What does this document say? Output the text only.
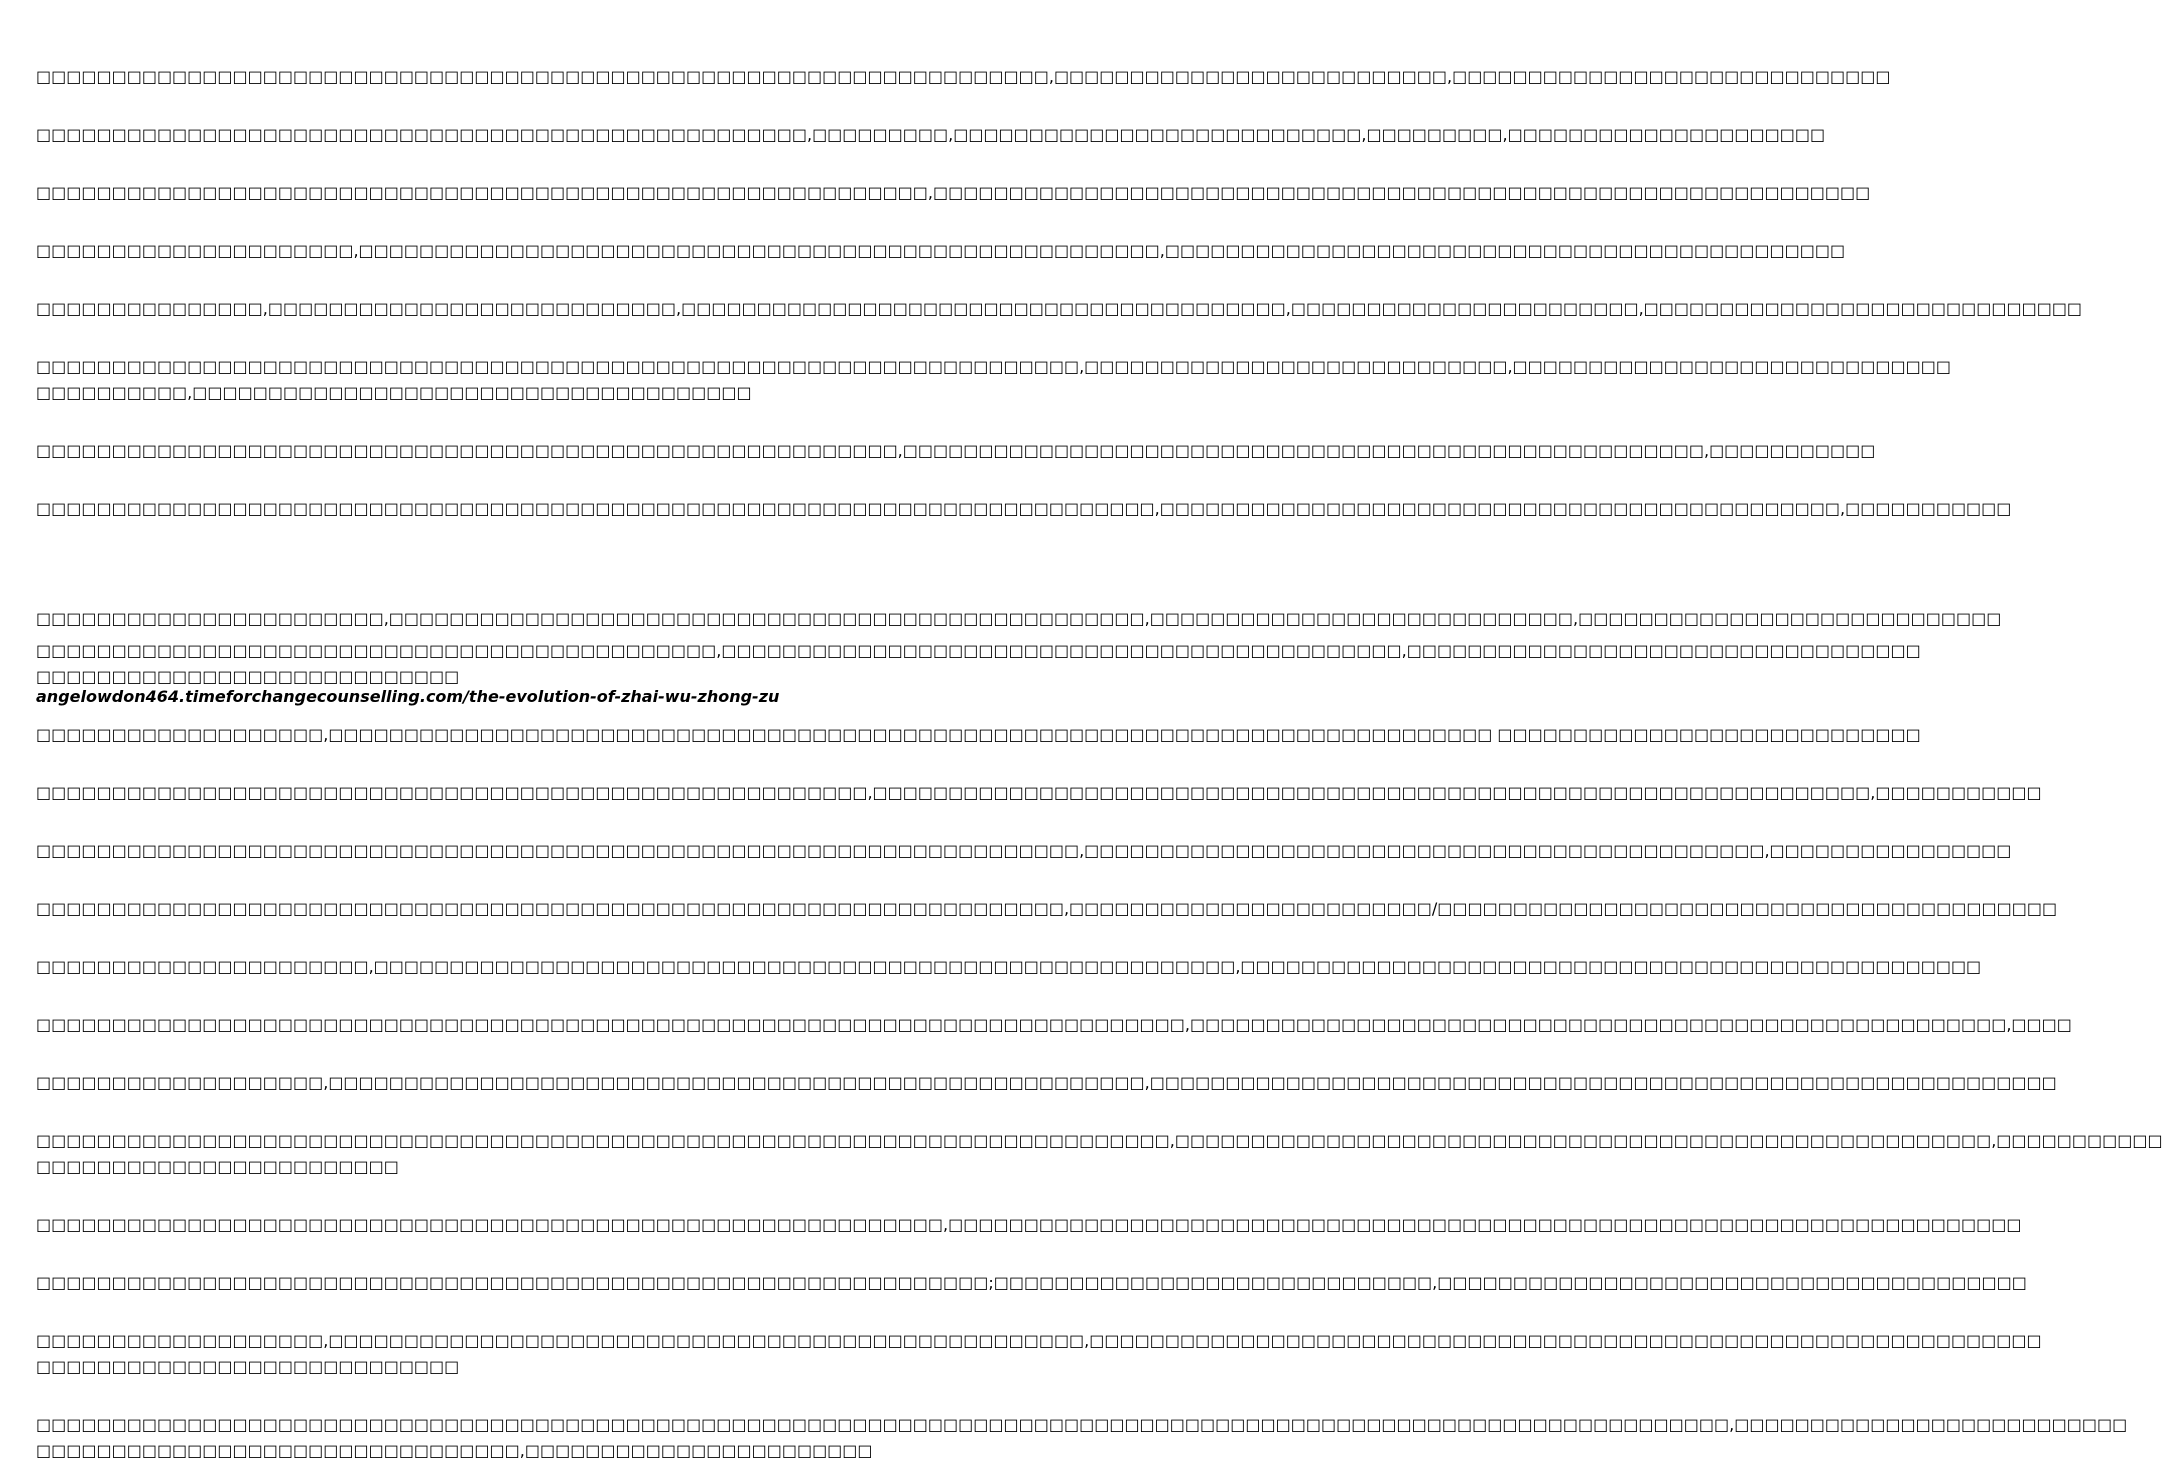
□□□□□□□□□□□□□□□□□□□□□□□□□□□□□□□□□□□□□□□□□□□□□□□□□□□□□□□□□□□□□□□□□□□,□□□□□□□□□□□□□□□□□□□□□□□□□□,□□□□□□□□□□□□□□□□□□□□□□□□□□□□□

□□□□□□□□□□□□□□□□□□□□□□□□□□□□□□□□□□□□□□□□□□□□□□□□□□□,□□□□□□□□□,□□□□□□□□□□□□□□□□□□□□□□□□□□□,□□□□□□□□□,□□□□□□□□□□□□□□□□□□□□□

□□□□□□□□□□□□□□□□□□□□□□□□□□□□□□□□□□□□□□□□□□□□□□□□□□□□□□□□□□□,□□□□□□□□□□□□□□□□□□□□□□□□□□□□□□□□□□□□□□□□□□□□□□□□□□□□□□□□□□□□□□

□□□□□□□□□□□□□□□□□□□□□,□□□□□□□□□□□□□□□□□□□□□□□□□□□□□□□□□□□□□□□□□□□□□□□□□□□□□,□□□□□□□□□□□□□□□□□□□□□□□□□□□□□□□□□□□□□□□□□□□□□

□□□□□□□□□□□□□□□,□□□□□□□□□□□□□□□□□□□□□□□□□□□,□□□□□□□□□□□□□□□□□□□□□□□□□□□□□□□□□□□□□□□□,□□□□□□□□□□□□□□□□□□□□□□□,□□□□□□□□□□□□□□□□□□□□□□□□□□□□□

□□□□□□□□□□□□□□□□□□□□□□□□□□□□□□□□□□□□□□□□□□□□□□□□□□□□□□□□□□□□□□□□□□□□□,□□□□□□□□□□□□□□□□□□□□□□□□□□□□,□□□□□□□□□□□□□□□□□□□□□□□□□□□□□
□□□□□□□□□□,□□□□□□□□□□□□□□□□□□□□□□□□□□□□□□□□□□□□□

□□□□□□□□□□□□□□□□□□□□□□□□□□□□□□□□□□□□□□□□□□□□□□□□□□□□□□□□□,□□□□□□□□□□□□□□□□□□□□□□□□□□□□□□□□□□□□□□□□□□□□□□□□□□□□□,□□□□□□□□□□□

□□□□□□□□□□□□□□□□□□□□□□□□□□□□□□□□□□□□□□□□□□□□□□□□□□□□□□□□□□□□□□□□□□□□□□□□□□,□□□□□□□□□□□□□□□□□□□□□□□□□□□□□□□□□□□□□□□□□□□□□,□□□□□□□□□□□

□□□□□□□□□□□□□□□□□□□□□□□,□□□□□□□□□□□□□□□□□□□□□□□□□□□□□□□□□□□□□□□□□□□□□□□□□□,□□□□□□□□□□□□□□□□□□□□□□□□□□□□,□□□□□□□□□□□□□□□□□□□□□□□□□□□□

angelowdon464.timeforchangecounselling.com/the-evolution-of-zhai-wu-zhong-zu

□□□□□□□□□□□□□□□□□□□□□□□□□□□□□□□□□□□□□□□□□□□□□,□□□□□□□□□□□□□□□□□□□□□□□□□□□□□□□□□□□□□□□□□□□□□,□□□□□□□□□□□□□□□□□□□□□□□□□□□□□□□□□□
□□□□□□□□□□□□□□□□□□□□□□□□□□□□

□□□□□□□□□□□□□□□□□□□,□□□□□□□□□□□□□□□□□□□□□□□□□□□□□□□□□□□□□□□□□□□□□□□□□□□□□□□□□□□□□□□□□□□□□□□□□□□□□ □□□□□□□□□□□□□□□□□□□□□□□□□□□□

□□□□□□□□□□□□□□□□□□□□□□□□□□□□□□□□□□□□□□□□□□□□□□□□□□□□□□□,□□□□□□□□□□□□□□□□□□□□□□□□□□□□□□□□□□□□□□□□□□□□□□□□□□□□□□□□□□□□□□□□□□,□□□□□□□□□□□

□□□□□□□□□□□□□□□□□□□□□□□□□□□□□□□□□□□□□□□□□□□□□□□□□□□□□□□□□□□□□□□□□□□□□,□□□□□□□□□□□□□□□□□□□□□□□□□□□□□□□□□□□□□□□□□□□□□,□□□□□□□□□□□□□□□□

□□□□□□□□□□□□□□□□□□□□□□□□□□□□□□□□□□□□□□□□□□□□□□□□□□□□□□□□□□□□□□□□□□□□,□□□□□□□□□□□□□□□□□□□□□□□□/□□□□□□□□□□□□□□□□□□□□□□□□□□□□□□□□□□□□□□□□□

□□□□□□□□□□□□□□□□□□□□□□,□□□□□□□□□□□□□□□□□□□□□□□□□□□□□□□□□□□□□□□□□□□□□□□□□□□□□□□□□,□□□□□□□□□□□□□□□□□□□□□□□□□□□□□□□□□□□□□□□□□□□□□□□□□

□□□□□□□□□□□□□□□□□□□□□□□□□□□□□□□□□□□□□□□□□□□□□□□□□□□□□□□□□□□□□□□□□□□□□□□□□□□□,□□□□□□□□□□□□□□□□□□□□□□□□□□□□□□□□□□□□□□□□□□□□□□□□□□□□□□,□□□□

□□□□□□□□□□□□□□□□□□□,□□□□□□□□□□□□□□□□□□□□□□□□□□□□□□□□□□□□□□□□□□□□□□□□□□□□□□,□□□□□□□□□□□□□□□□□□□□□□□□□□□□□□□□□□□□□□□□□□□□□□□□□□□□□□□□□□□□

□□□□□□□□□□□□□□□□□□□□□□□□□□□□□□□□□□□□□□□□□□□□□□□□□□□□□□□□□□□□□□□□□□□□□□□□□□□,□□□□□□□□□□□□□□□□□□□□□□□□□□□□□□□□□□□□□□□□□□□□□□□□□□□□□□,□□□□□□□□□□□
□□□□□□□□□□□□□□□□□□□□□□□□

□□□□□□□□□□□□□□□□□□□□□□□□□□□□□□□□□□□□□□□□□□□□□□□□□□□□□□□□□□□□,□□□□□□□□□□□□□□□□□□□□□□□□□□□□□□□□□□□□□□□□□□□□□□□□□□□□□□□□□□□□□□□□□□□□□□□

□□□□□□□□□□□□□□□□□□□□□□□□□□□□□□□□□□□□□□□□□□□□□□□□□□□□□□□□□□□□□□□;□□□□□□□□□□□□□□□□□□□□□□□□□□□□□,□□□□□□□□□□□□□□□□□□□□□□□□□□□□□□□□□□□□□□□

□□□□□□□□□□□□□□□□□□□,□□□□□□□□□□□□□□□□□□□□□□□□□□□□□□□□□□□□□□□□□□□□□□□□□□,□□□□□□□□□□□□□□□□□□□□□□□□□□□□□□□□□□□□□□□□□□□□□□□□□□□□□□□□□□□□□□□
□□□□□□□□□□□□□□□□□□□□□□□□□□□□

□□□□□□□□□□□□□□□□□□□□□□□□□□□□□□□□□□□□□□□□□□□□□□□□□□□□□□□□□□□□□□□□□□□□□□□□□□□□□□□□□□□□□□□□□□□□□□□□□□□□□□□□□□□□□□□□,□□□□□□□□□□□□□□□□□□□□□□□□□□
□□□□□□□□□□□□□□□□□□□□□□□□□□□□□□□□,□□□□□□□□□□□□□□□□□□□□□□□
